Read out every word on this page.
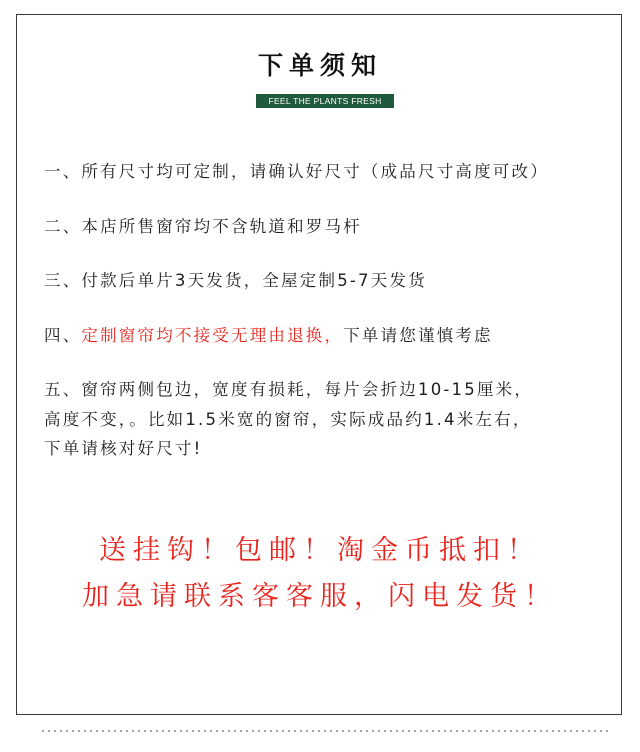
下单须知
FEEL THE PLANTS FRESH
一、所有尺寸均可定制，请确认好尺寸（成品尺寸高度可改）
二、本店所售窗帘均不含轨道和罗马杆
三、付款后单片3天发货，全屋定制5-7天发货
四、定制窗帘均不接受无理由退换，下单请您谨慎考虑
五、窗帘两侧包边，宽度有损耗，每片会折边10-15厘米，
高度不变，。比如1.5米宽的窗帘，实际成品约1.4米左右，
下单请核对好尺寸!
送挂钩！包邮！淘金币抵扣！
加急请联系客客服，闪电发货！
